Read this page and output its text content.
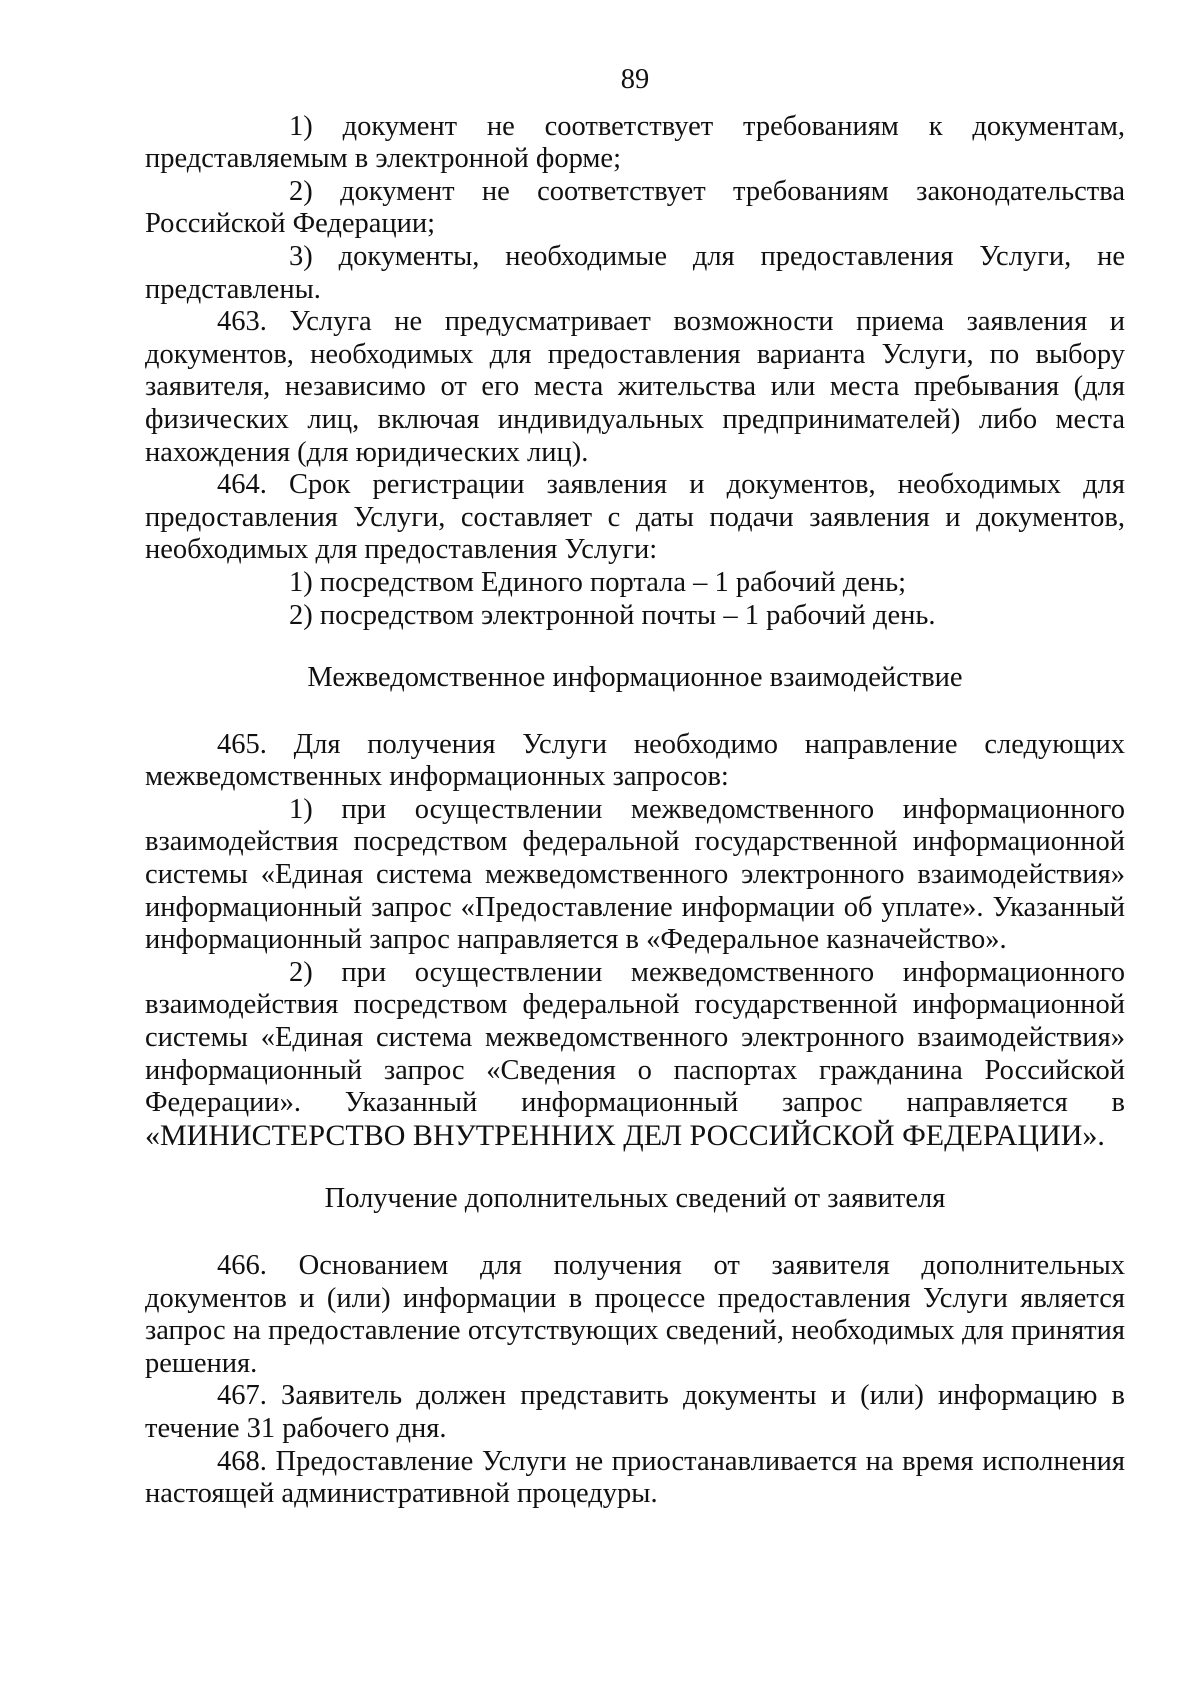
89

1) документ не соответствует требованиям к документам, представляемым в электронной форме;

2) документ не соответствует требованиям законодательства Российской Федерации;

3) документы, необходимые для предоставления Услуги, не представлены.

463. Услуга не предусматривает возможности приема заявления и документов, необходимых для предоставления варианта Услуги, по выбору заявителя, независимо от его места жительства или места пребывания (для физических лиц, включая индивидуальных предпринимателей) либо места нахождения (для юридических лиц).

464. Срок регистрации заявления и документов, необходимых для предоставления Услуги, составляет с даты подачи заявления и документов, необходимых для предоставления Услуги:

1) посредством Единого портала – 1 рабочий день;

2) посредством электронной почты – 1 рабочий день.

Межведомственное информационное взаимодействие

465. Для получения Услуги необходимо направление следующих межведомственных информационных запросов:

1) при осуществлении межведомственного информационного взаимодействия посредством федеральной государственной информационной системы «Единая система межведомственного электронного взаимодействия» информационный запрос «Предоставление информации об уплате». Указанный информационный запрос направляется в «Федеральное казначейство».

2) при осуществлении межведомственного информационного взаимодействия посредством федеральной государственной информационной системы «Единая система межведомственного электронного взаимодействия» информационный запрос «Сведения о паспортах гражданина Российской Федерации». Указанный информационный запрос направляется в «МИНИСТЕРСТВО ВНУТРЕННИХ ДЕЛ РОССИЙСКОЙ ФЕДЕРАЦИИ».

Получение дополнительных сведений от заявителя

466. Основанием для получения от заявителя дополнительных документов и (или) информации в процессе предоставления Услуги является запрос на предоставление отсутствующих сведений, необходимых для принятия решения.

467. Заявитель должен представить документы и (или) информацию в течение 31 рабочего дня.

468. Предоставление Услуги не приостанавливается на время исполнения настоящей административной процедуры.
